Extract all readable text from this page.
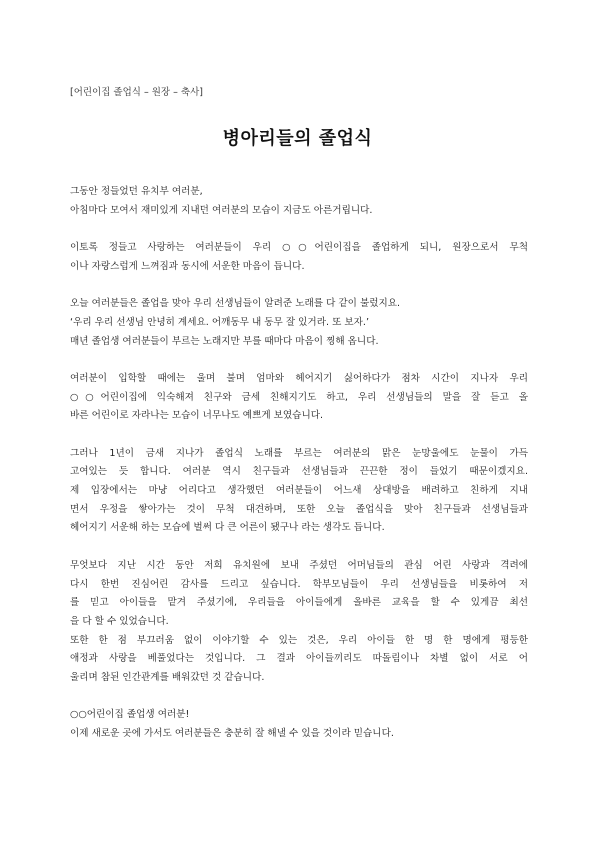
[어린이집 졸업식 – 원장 – 축사]
병아리들의 졸업식
그동안 정들었던 유치부 여러분,
아침마다 모여서 재미있게 지내던 여러분의 모습이 지금도 아른거립니다.
이토록 정들고 사랑하는 여러분들이 우리 ○○어린이집을 졸업하게 되니, 원장으로서 무척
이나 자랑스럽게 느껴짐과 동시에 서운한 마음이 듭니다.
오늘 여러분들은 졸업을 맞아 우리 선생님들이 알려준 노래를 다 같이 불렀지요.
‘우리 우리 선생님 안녕히 계세요. 어깨동무 내 동무 잘 있거라. 또 보자.’
매년 졸업생 여러분들이 부르는 노래지만 부를 때마다 마음이 찡해 옵니다.
여러분이 입학할 때에는 울며 불며 엄마와 헤어지기 싫어하다가 점차 시간이 지나자 우리
○○어린이집에 익숙해져 친구와 금세 친해지기도 하고, 우리 선생님들의 말을 잘 듣고 올
바른 어린이로 자라나는 모습이 너무나도 예쁘게 보였습니다.
그러나 1년이 금새 지나가 졸업식 노래를 부르는 여러분의 맑은 눈망울에도 눈물이 가득
고여있는 듯 합니다. 여러분 역시 친구들과 선생님들과 끈끈한 정이 들었기 때문이겠지요.
제 입장에서는 마냥 어리다고 생각했던 여러분들이 어느새 상대방을 배려하고 친하게 지내
면서 우정을 쌓아가는 것이 무척 대견하며, 또한 오늘 졸업식을 맞아 친구들과 선생님들과
헤어지기 서운해 하는 모습에 벌써 다 큰 어른이 됐구나 라는 생각도 듭니다.
무엇보다 지난 시간 동안 저희 유치원에 보내 주셨던 어머님들의 관심 어린 사랑과 격려에
다시 한번 진심어린 감사를 드리고 싶습니다. 학부모님들이 우리 선생님들을 비롯하여 저
를 믿고 아이들을 맡겨 주셨기에, 우리들을 아이들에게 올바른 교육을 할 수 있게끔 최선
을 다 할 수 있었습니다.
또한 한 점 부끄러움 없이 이야기할 수 있는 것은, 우리 아이들 한 명 한 명에게 평등한
애정과 사랑을 베풀었다는 것입니다. 그 결과 아이들끼리도 따돌림이나 차별 없이 서로 어
울리며 참된 인간관계를 배워갔던 것 같습니다.
○○어린이집 졸업생 여러분!
이제 새로운 곳에 가서도 여러분들은 충분히 잘 해낼 수 있을 것이라 믿습니다.
